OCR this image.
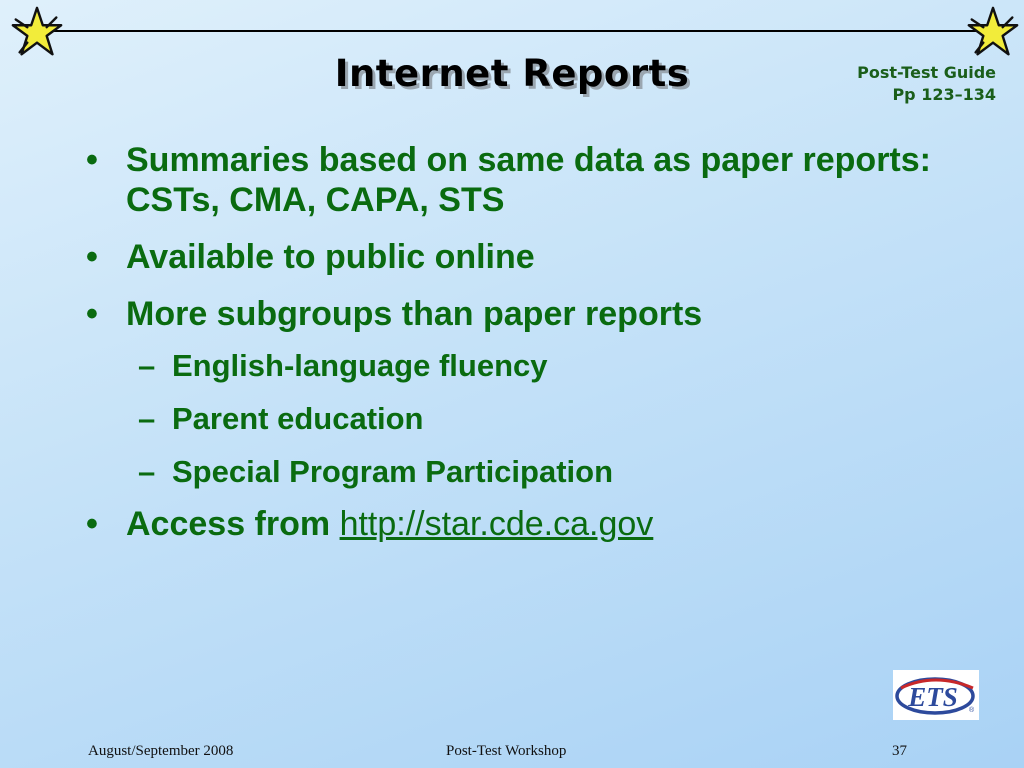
Internet Reports	Post-Test Guide
Pp 123–134
• Summaries based on same data as paper reports: CSTs, CMA, CAPA, STS
• Available to public online
• More subgroups than paper reports
– English-language fluency
– Parent education
– Special Program Participation
• Access from http://star.cde.ca.gov
ETS ®
August/September 2008	Post-Test Workshop	37
